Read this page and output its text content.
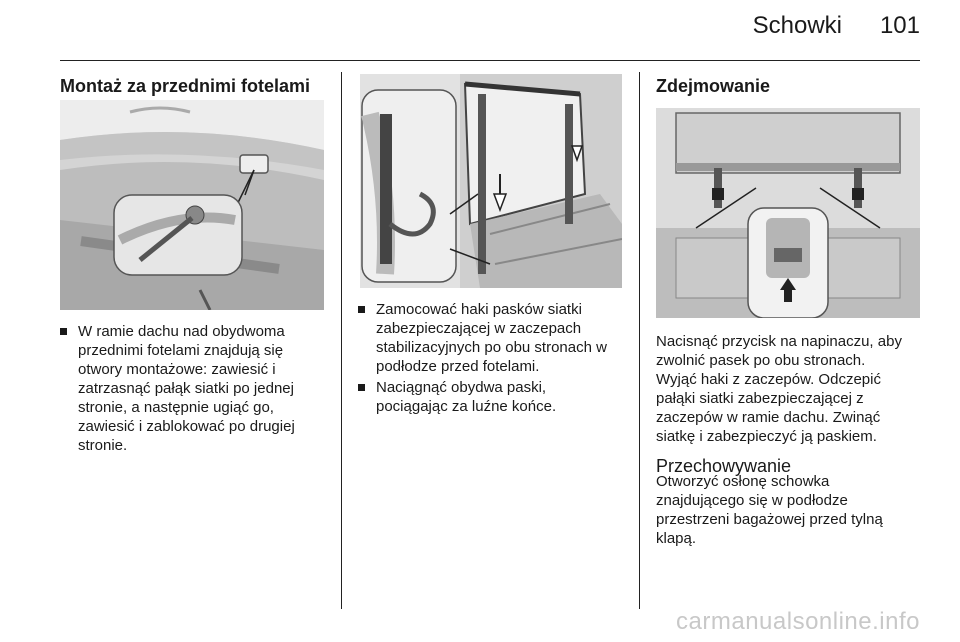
Schowki 101
Montaż za przednimi fotelami
W ramie dachu nad obydwoma
przednimi fotelami znajdują się
otwory montażowe: zawiesić i
zatrzasnąć pałąk siatki po jednej
stronie, a następnie ugiąć go,
zawiesić i zablokować po drugiej
stronie.
Zamocować haki pasków siatki
zabezpieczającej w zaczepach
stabilizacyjnych po obu stronach w
podłodze przed fotelami.
Naciągnąć obydwa paski,
pociągając za luźne końce.
Zdejmowanie
Nacisnąć przycisk na napinaczu, aby
zwolnić pasek po obu stronach.
Wyjąć haki z zaczepów. Odczepić
pałąki siatki zabezpieczającej z
zaczepów w ramie dachu. Zwinąć
siatkę i zabezpieczyć ją paskiem.
Przechowywanie
Otworzyć osłonę schowka
znajdującego się w podłodze
przestrzeni bagażowej przed tylną
klapą.
carmanualsonline.info
